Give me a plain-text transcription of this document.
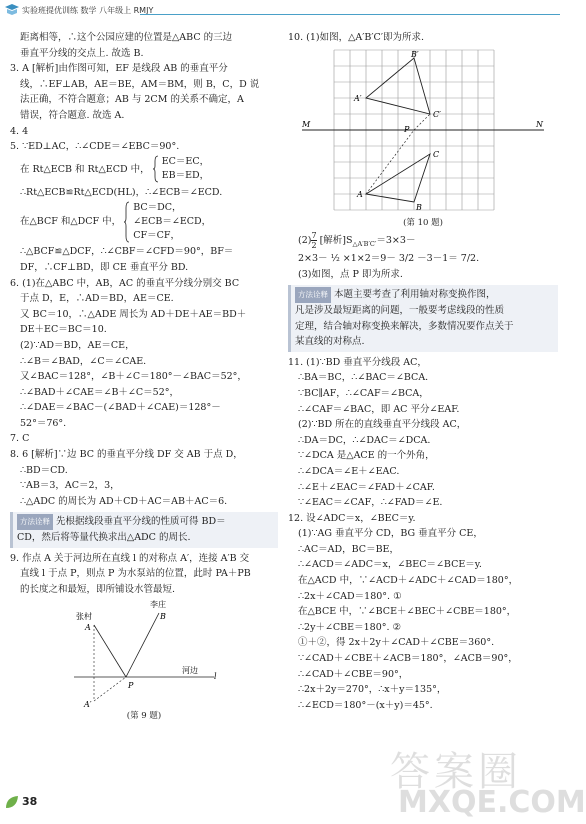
实验班提优训练 数学 八年级上 RMJY
距离相等，∴这个公园应建的位置是△ABC 的三边
垂直平分线的交点上. 故选 B.
3. A [解析]由作图可知，EF 是线段 AB 的垂直平分
线，∴EF⊥AB，AE＝BE，AM＝BM，则 B，C，D 说
法正确，不符合题意；AB 与 2CM 的关系不确定，A
错误，符合题意. 故选 A.
4. 4
5. ∵ED⊥AC，∴∠CDE＝∠EBC＝90°.
在 Rt△ECB 和 Rt△ECD 中，
EC＝EC，
EB＝ED，
∴Rt△ECB≌Rt△ECD(HL)，∴∠ECB＝∠ECD.
在△BCF 和△DCF 中，
BC＝DC，
∠ECB＝∠ECD，
CF＝CF，
∴△BCF≌△DCF，∴∠CBF＝∠CFD＝90°，BF＝
DF，∴CF⊥BD，即 CE 垂直平分 BD.
6. (1)在△ABC 中，AB，AC 的垂直平分线分别交 BC
于点 D，E，∴AD＝BD，AE＝CE.
又 BC＝10，∴△ADE 周长为 AD＋DE＋AE＝BD＋
DE＋EC＝BC＝10.
(2)∵AD＝BD，AE＝CE，
∴∠B＝∠BAD，∠C＝∠CAE.
又∠BAC＝128°，∠B＋∠C＝180°－∠BAC＝52°，
∴∠BAD＋∠CAE＝∠B＋∠C＝52°，
∴∠DAE＝∠BAC－(∠BAD＋∠CAE)＝128°－
52°＝76°.
7. C
8. 6 [解析]∵边 BC 的垂直平分线 DF 交 AB 于点 D，
∴BD＝CD.
∵AB＝3，AC＝2，3，
∴△ADC 的周长为 AD＋CD＋AC＝AB＋AC＝6.
方法诠释 先根据线段垂直平分线的性质可得 BD＝
CD，然后将等量代换求出△ADC 的周长.
9. 作点 A 关于河边所在直线 l 的对称点 A′，连接 A′B 交
直线 l 于点 P，则点 P 为水泵站的位置，此时 PA＋PB
的长度之和最短，即所铺设水管最短.
李庄
B
张村
A
河边
l
P
A′
(第 9 题)
10. (1)如图，△A′B′C′即为所求.
A
B
C
A′
B′
C′
P
M	N
(第 10 题)
$(2) \frac{7}{2}$ [解析]$S_{\triangle A'B'C'}=3\times 3-$
2×3－ ½ ×1×2＝9－ 3/2 －3－1＝ 7/2.
(3)如图，点 P 即为所求.
方法诠释 本题主要考查了利用轴对称变换作图，
凡是涉及最短距离的问题，一般要考虑线段的性质
定理，结合轴对称变换来解决，多数情况要作点关于
某直线的对称点.
11. (1)∵BD 垂直平分线段 AC，
∴BA＝BC，∴∠BAC＝∠BCA.
∵BC∥AF，∴∠CAF＝∠BCA，
∴∠CAF＝∠BAC，即 AC 平分∠EAF.
(2)∵BD 所在的直线垂直平分线段 AC，
∴DA＝DC，∴∠DAC＝∠DCA.
∵∠DCA 是△ACE 的一个外角，
∴∠DCA＝∠E＋∠EAC.
∴∠E＋∠EAC＝∠FAD＋∠CAF.
∵∠EAC＝∠CAF，∴∠FAD＝∠E.
12. 设∠ADC＝x，∠BEC＝y.
(1)∵AG 垂直平分 CD，BG 垂直平分 CE，
∴AC＝AD，BC＝BE，
∴∠ACD＝∠ADC＝x，∠BEC＝∠BCE＝y.
在△ACD 中，∵∠ACD＋∠ADC＋∠CAD＝180°，
∴2x＋∠CAD＝180°. ①
在△BCE 中，∵∠BCE＋∠BEC＋∠CBE＝180°，
∴2y＋∠CBE＝180°. ②
①＋②，得 2x＋2y＋∠CAD＋∠CBE＝360°.
∵∠CAD＋∠CBE＋∠ACB＝180°，∠ACB＝90°，
∴∠CAD＋∠CBE＝90°，
∴2x＋2y＝270°，∴x＋y＝135°，
∴∠ECD＝180°－(x＋y)＝45°.
38
答案圈
MXQE.COM
